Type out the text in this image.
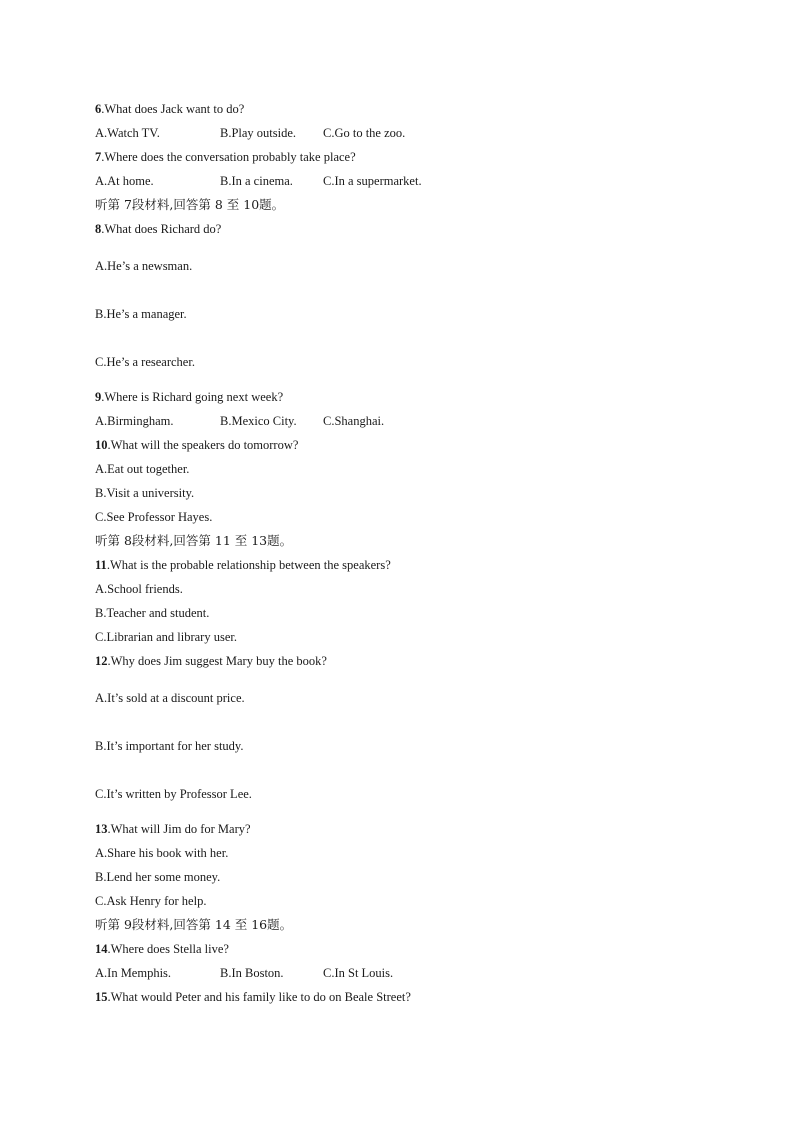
6.What does Jack want to do?
A.Watch TV.	B.Play outside. C.Go to the zoo.
7.Where does the conversation probably take place?
A.At home.	B.In a cinema. C.In a supermarket.
听第 7段材料,回答第 8 至 10题。
8.What does Richard do?
A.He’s a newsman.
B.He’s a manager.
C.He’s a researcher.
9.Where is Richard going next week?
A.Birmingham.	B.Mexico City. C.Shanghai.
10.What will the speakers do tomorrow?
A.Eat out together.
B.Visit a university.
C.See Professor Hayes.
听第 8段材料,回答第 11 至 13题。
11.What is the probable relationship between the speakers?
A.School friends.
B.Teacher and student.
C.Librarian and library user.
12.Why does Jim suggest Mary buy the book?
A.It’s sold at a discount price.
B.It’s important for her study.
C.It’s written by Professor Lee.
13.What will Jim do for Mary?
A.Share his book with her.
B.Lend her some money.
C.Ask Henry for help.
听第 9段材料,回答第 14 至 16题。
14.Where does Stella live?
A.In Memphis.	B.In Boston.	C.In St Louis.
15.What would Peter and his family like to do on Beale Street?
